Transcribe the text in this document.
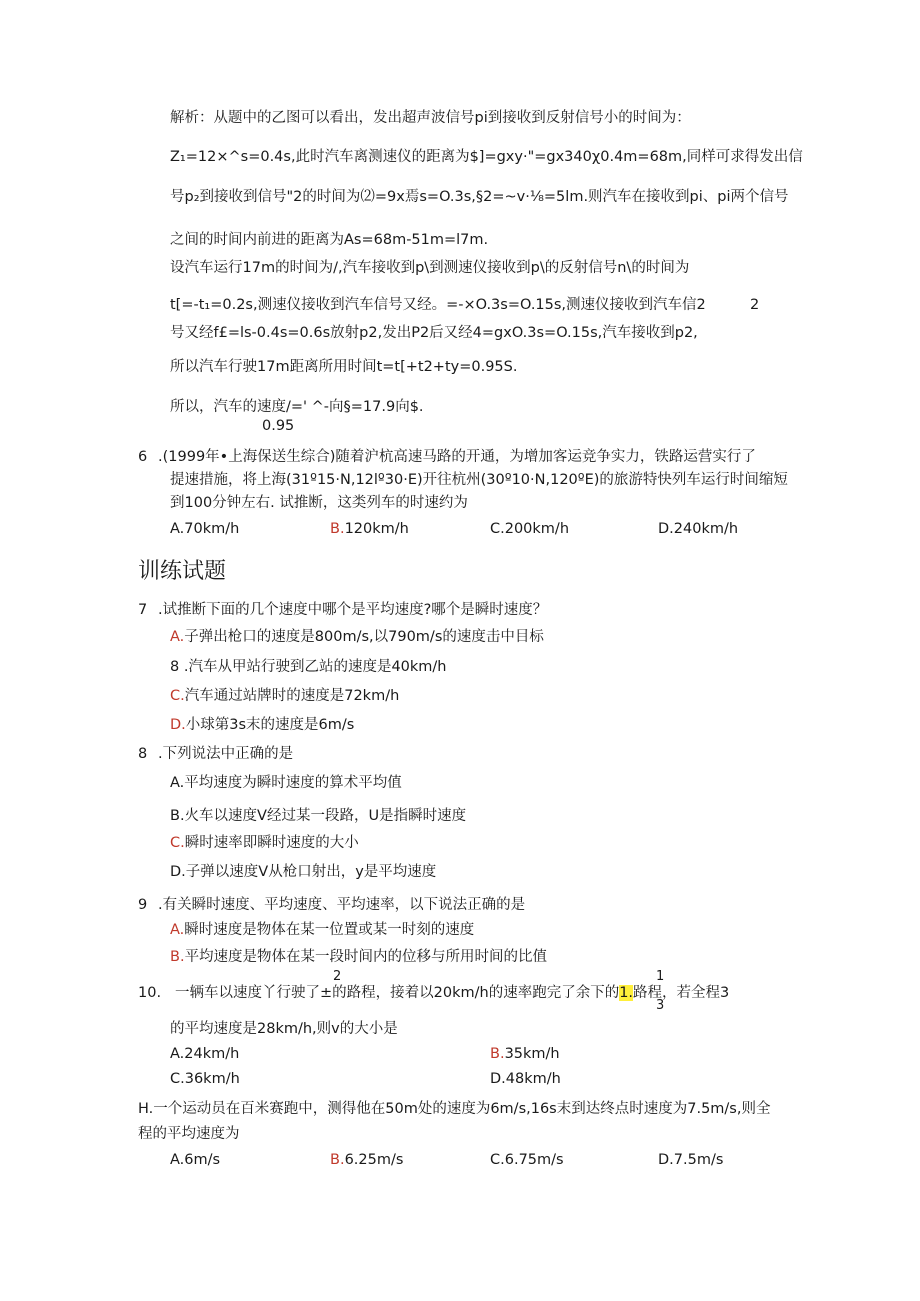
解析：从题中的乙图可以看出，发出超声波信号pi到接收到反射信号小的时间为：
Z₁=12×^s=0.4s,此时汽车离测速仪的距离为$]=gxy·"=gx340χ0.4m=68m,同样可求得发出信
号p₂到接收到信号"2的时间为⑵=9x焉s=O.3s,§2=~v·⅛=5lm.则汽车在接收到pi、pi两个信号
之间的时间内前进的距离为As=68m-51m=l7m.
设汽车运行17m的时间为/,汽车接收到p\到测速仪接收到p\的反射信号n\的时间为
t[=-t₁=0.2s,测速仪接收到汽车信号又经。=-×O.3s=O.15s,测速仪接收到汽车信2	2
号又经f£=ls-0.4s=0.6s放射p2,发出P2后又经4=gxO.3s=O.15s,汽车接收到p2,
所以汽车行驶17m距离所用时间t=t[+t2+ty=0.95S.
所以，汽车的速度/=' ^-向§=17.9向$.
0.95
6 .(1999年•上海保送生综合)随着沪杭高速马路的开通，为增加客运竞争实力，铁路运营实行了
提速措施，将上海(31º15·N,12lº30·E)开往杭州(30º10·N,120ºE)的旅游特快列车运行时间缩短
到100分钟左右. 试推断，这类列车的时速约为
A.70km∕h	B.120km∕h	C.200km∕h	D.240km∕h
训练试题
7 .试推断下面的几个速度中哪个是平均速度?哪个是瞬时速度？
A.子弹出枪口的速度是800m∕s,以790m∕s的速度击中目标
8 .汽车从甲站行驶到乙站的速度是40km/h
C.汽车通过站牌时的速度是72km/h
D.小球第3s末的速度是6m∕s
8 .下列说法中正确的是
A.平均速度为瞬时速度的算术平均值
B.火车以速度V经过某一段路，U是指瞬时速度
C.瞬时速率即瞬时速度的大小
D.子弹以速度V从枪口射出，y是平均速度
9 .有关瞬时速度、平均速度、平均速率，以下说法正确的是
A.瞬时速度是物体在某一位置或某一时刻的速度
B.平均速度是物体在某一段时间内的位移与所用时间的比值
2	1
10. 一辆车以速度丫行驶了±的路程，接着以20km∕h的速率跑完了余下的1.路程，若全程3
3
的平均速度是28km∕h,则v的大小是
A.24km/h	B.35km∕h
C.36km/h	D.48km∕h
H.一个运动员在百米赛跑中，测得他在50m处的速度为6m∕s,16s末到达终点时速度为7.5m∕s,则全
程的平均速度为
A.6m∕s	B.6.25m∕s	C.6.75m∕s	D.7.5m∕s
